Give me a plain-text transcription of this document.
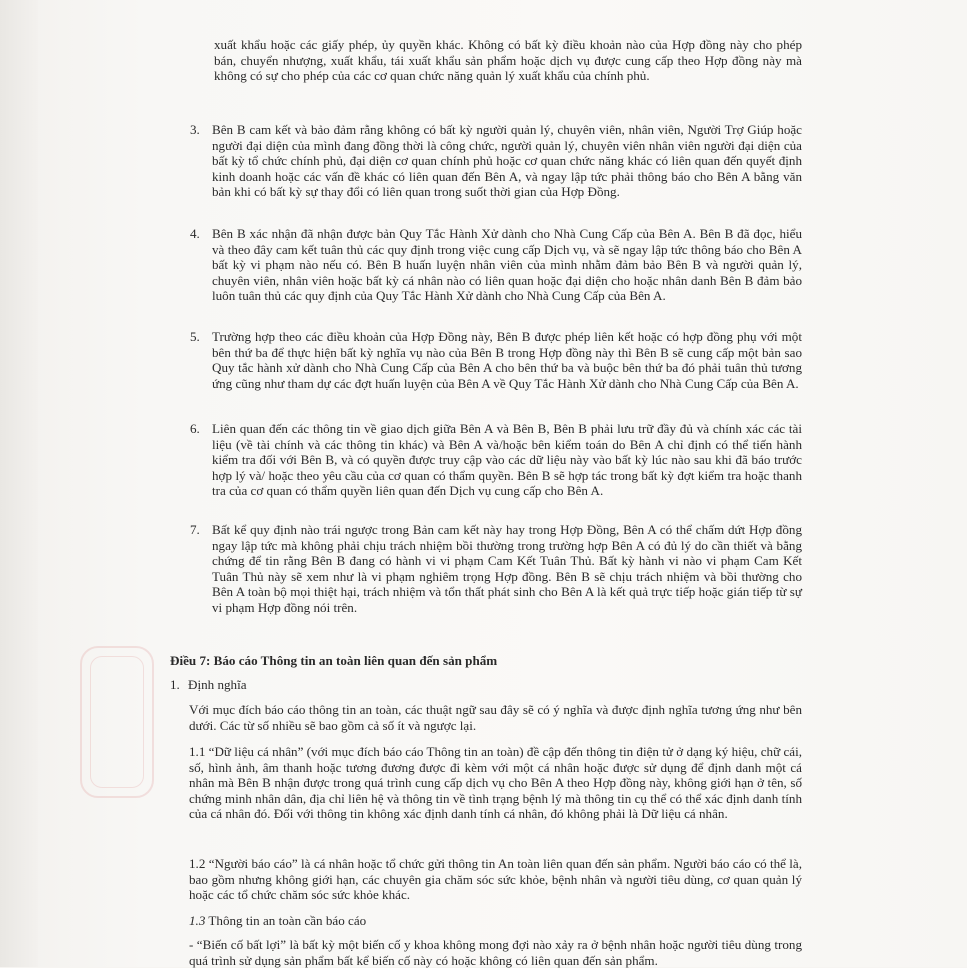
xuất khẩu hoặc các giấy phép, ủy quyền khác. Không có bất kỳ điều khoản nào của Hợp đồng này cho phép bán, chuyển nhượng, xuất khẩu, tái xuất khẩu sản phẩm hoặc dịch vụ được cung cấp theo Hợp đồng này mà không có sự cho phép của các cơ quan chức năng quản lý xuất khẩu của chính phủ.
3. Bên B cam kết và bảo đảm rằng không có bất kỳ người quản lý, chuyên viên, nhân viên, Người Trợ Giúp hoặc người đại diện của mình đang đồng thời là công chức, người quản lý, chuyên viên nhân viên người đại diện của bất kỳ tổ chức chính phủ, đại diện cơ quan chính phủ hoặc cơ quan chức năng khác có liên quan đến quyết định kinh doanh hoặc các vấn đề khác có liên quan đến Bên A, và ngay lập tức phải thông báo cho Bên A bằng văn bản khi có bất kỳ sự thay đổi có liên quan trong suốt thời gian của Hợp Đồng.
4. Bên B xác nhận đã nhận được bản Quy Tắc Hành Xử dành cho Nhà Cung Cấp của Bên A. Bên B đã đọc, hiểu và theo đây cam kết tuân thủ các quy định trong việc cung cấp Dịch vụ, và sẽ ngay lập tức thông báo cho Bên A bất kỳ vi phạm nào nếu có. Bên B huấn luyện nhân viên của mình nhằm đảm bảo Bên B và người quản lý, chuyên viên, nhân viên hoặc bất kỳ cá nhân nào có liên quan hoặc đại diện cho hoặc nhân danh Bên B đảm bảo luôn tuân thủ các quy định của Quy Tắc Hành Xử dành cho Nhà Cung Cấp của Bên A.
5. Trường hợp theo các điều khoản của Hợp Đồng này, Bên B được phép liên kết hoặc có hợp đồng phụ với một bên thứ ba để thực hiện bất kỳ nghĩa vụ nào của Bên B trong Hợp đồng này thì Bên B sẽ cung cấp một bản sao Quy tắc hành xử dành cho Nhà Cung Cấp của Bên A cho bên thứ ba và buộc bên thứ ba đó phải tuân thủ tương ứng cũng như tham dự các đợt huấn luyện của Bên A về Quy Tắc Hành Xử dành cho Nhà Cung Cấp của Bên A.
6. Liên quan đến các thông tin về giao dịch giữa Bên A và Bên B, Bên B phải lưu trữ đầy đủ và chính xác các tài liệu (về tài chính và các thông tin khác) và Bên A và/hoặc bên kiểm toán do Bên A chỉ định có thể tiến hành kiểm tra đối với Bên B, và có quyền được truy cập vào các dữ liệu này vào bất kỳ lúc nào sau khi đã báo trước hợp lý và/ hoặc theo yêu cầu của cơ quan có thẩm quyền. Bên B sẽ hợp tác trong bất kỳ đợt kiểm tra hoặc thanh tra của cơ quan có thẩm quyền liên quan đến Dịch vụ cung cấp cho Bên A.
7. Bất kể quy định nào trái ngược trong Bản cam kết này hay trong Hợp Đồng, Bên A có thể chấm dứt Hợp đồng ngay lập tức mà không phải chịu trách nhiệm bồi thường trong trường hợp Bên A có đủ lý do cần thiết và bằng chứng để tin rằng Bên B đang có hành vi vi phạm Cam Kết Tuân Thủ. Bất kỳ hành vi nào vi phạm Cam Kết Tuân Thủ này sẽ xem như là vi phạm nghiêm trọng Hợp đồng. Bên B sẽ chịu trách nhiệm và bồi thường cho Bên A toàn bộ mọi thiệt hại, trách nhiệm và tổn thất phát sinh cho Bên A là kết quả trực tiếp hoặc gián tiếp từ sự vi phạm Hợp đồng nói trên.
Điều 7: Báo cáo Thông tin an toàn liên quan đến sản phẩm
1. Định nghĩa
Với mục đích báo cáo thông tin an toàn, các thuật ngữ sau đây sẽ có ý nghĩa và được định nghĩa tương ứng như bên dưới. Các từ số nhiều sẽ bao gồm cả số ít và ngược lại.
1.1 “Dữ liệu cá nhân” (với mục đích báo cáo Thông tin an toàn) đề cập đến thông tin điện tử ở dạng ký hiệu, chữ cái, số, hình ảnh, âm thanh hoặc tương đương được đi kèm với một cá nhân hoặc được sử dụng để định danh một cá nhân mà Bên B nhận được trong quá trình cung cấp dịch vụ cho Bên A theo Hợp đồng này, không giới hạn ở tên, số chứng minh nhân dân, địa chỉ liên hệ và thông tin về tình trạng bệnh lý mà thông tin cụ thể có thể xác định danh tính của cá nhân đó. Đối với thông tin không xác định danh tính cá nhân, đó không phải là Dữ liệu cá nhân.
1.2 “Người báo cáo” là cá nhân hoặc tổ chức gửi thông tin An toàn liên quan đến sản phẩm. Người báo cáo có thể là, bao gồm nhưng không giới hạn, các chuyên gia chăm sóc sức khỏe, bệnh nhân và người tiêu dùng, cơ quan quản lý hoặc các tổ chức chăm sóc sức khỏe khác.
1.3 Thông tin an toàn cần báo cáo
- “Biến cố bất lợi” là bất kỳ một biến cố y khoa không mong đợi nào xảy ra ở bệnh nhân hoặc người tiêu dùng trong quá trình sử dụng sản phẩm bất kể biến cố này có hoặc không có liên quan đến sản phẩm.
